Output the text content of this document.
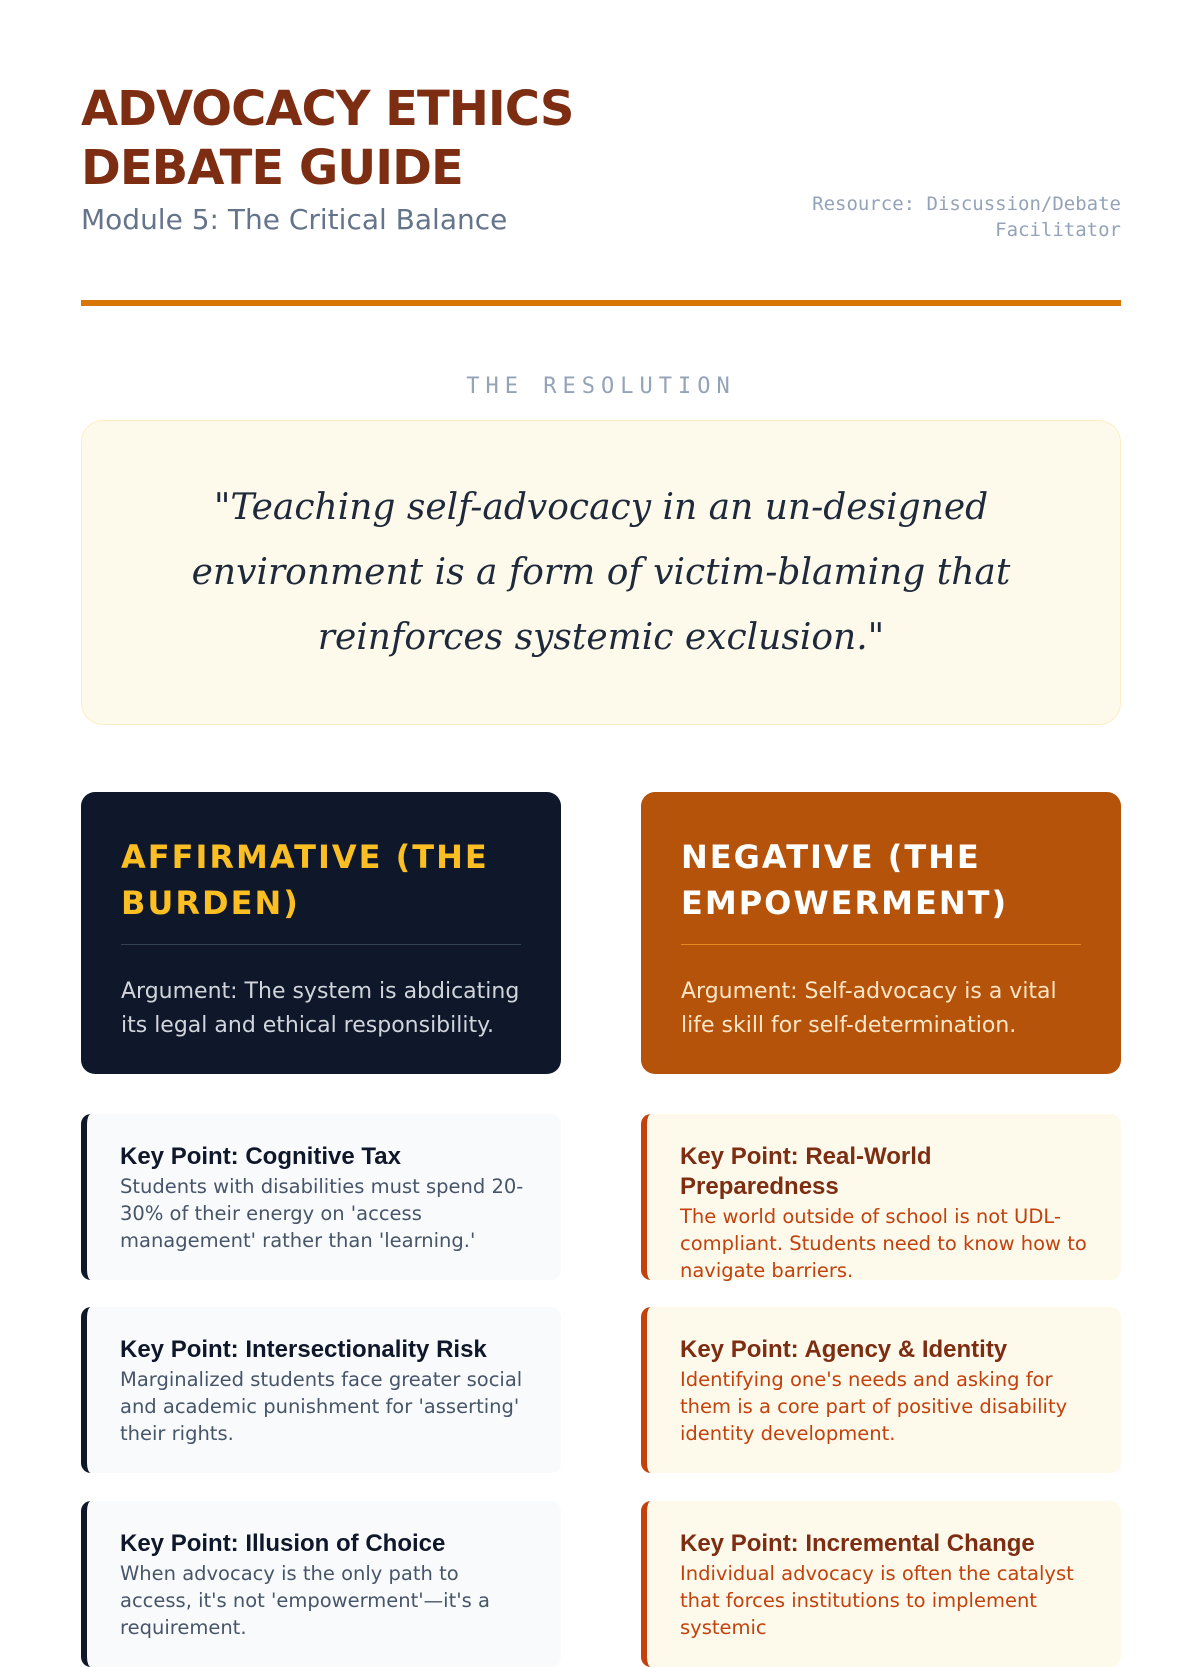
ADVOCACY ETHICS DEBATE GUIDE
Module 5: The Critical Balance	Resource: Discussion/Debate Facilitator
THE RESOLUTION

"Teaching self-advocacy in an un-designed environment is a form of victim-blaming that reinforces systemic exclusion."

AFFIRMATIVE (THE BURDEN)

Argument: The system is abdicating its legal and ethical responsibility.

NEGATIVE (THE EMPOWERMENT)

Argument: Self-advocacy is a vital life skill for self-determination.

Key Point: Cognitive Tax
Students with disabilities must spend 20-30% of their energy on 'access management' rather than 'learning.'
Key Point: Intersectionality Risk
Marginalized students face greater social and academic punishment for 'asserting' their rights.
Key Point: Illusion of Choice
When advocacy is the only path to access, it's not 'empowerment'—it's a requirement.
Key Point: Real-World Preparedness
The world outside of school is not UDL-compliant. Students need to know how to navigate barriers.
Key Point: Agency & Identity
Identifying one's needs and asking for them is a core part of positive disability identity development.
Key Point: Incremental Change
Individual advocacy is often the catalyst that forces institutions to implement systemic
